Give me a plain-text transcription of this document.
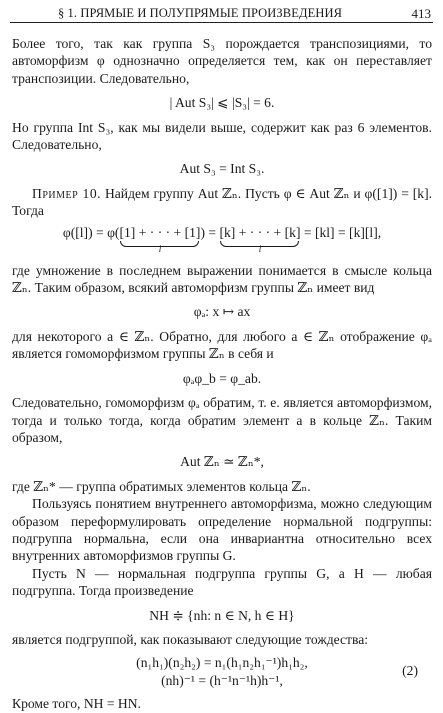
§ 1. ПРЯМЫЕ И ПОЛУПРЯМЫЕ ПРОИЗВЕДЕНИЯ	413

Более того, так как группа S₃ порождается транспозициями, то автоморфизм φ однозначно определяется тем, как он переставляет транспозиции. Следовательно,

| Aut S₃| ⩽ |S₃| = 6.

Но группа Int S₃, как мы видели выше, содержит как раз 6 элементов. Следовательно,

Aut S₃ = Int S₃.

Пример 10. Найдем группу Aut ℤₙ. Пусть φ ∈ Aut ℤₙ и φ([1]) = [k]. Тогда

φ([l]) = φ([1] + · · · + [1]
l
) = [k] + · · · + [k]
l
= [kl] = [k][l],

где умножение в последнем выражении понимается в смысле кольца ℤₙ. Таким образом, всякий автоморфизм группы ℤₙ имеет вид

φₐ: x ↦ ax

для некоторого a ∈ ℤₙ. Обратно, для любого a ∈ ℤₙ отображение φₐ является гомоморфизмом группы ℤₙ в себя и

φₐφ_b = φ_ab.

Следовательно, гомоморфизм φₐ обратим, т. е. является автоморфизмом, тогда и только тогда, когда обратим элемент a в кольце ℤₙ. Таким образом,

Aut ℤₙ ≃ ℤₙ*,

где ℤₙ* — группа обратимых элементов кольца ℤₙ.

Пользуясь понятием внутреннего автоморфизма, можно следующим образом переформулировать определение нормальной подгруппы: подгруппа нормальна, если она инвариантна относительно всех внутренних автоморфизмов группы G.

Пусть N — нормальная подгруппа группы G, а H — любая подгруппа. Тогда произведение

NH ≑ {nh: n ∈ N, h ∈ H}

является подгруппой, как показывают следующие тождества:

(n₁h₁)(n₂h₂) = n₁(h₁n₂h₁⁻¹)h₁h₂,
(nh)⁻¹ = (h⁻¹n⁻¹h)h⁻¹,
(2)

Кроме того, NH = HN.
